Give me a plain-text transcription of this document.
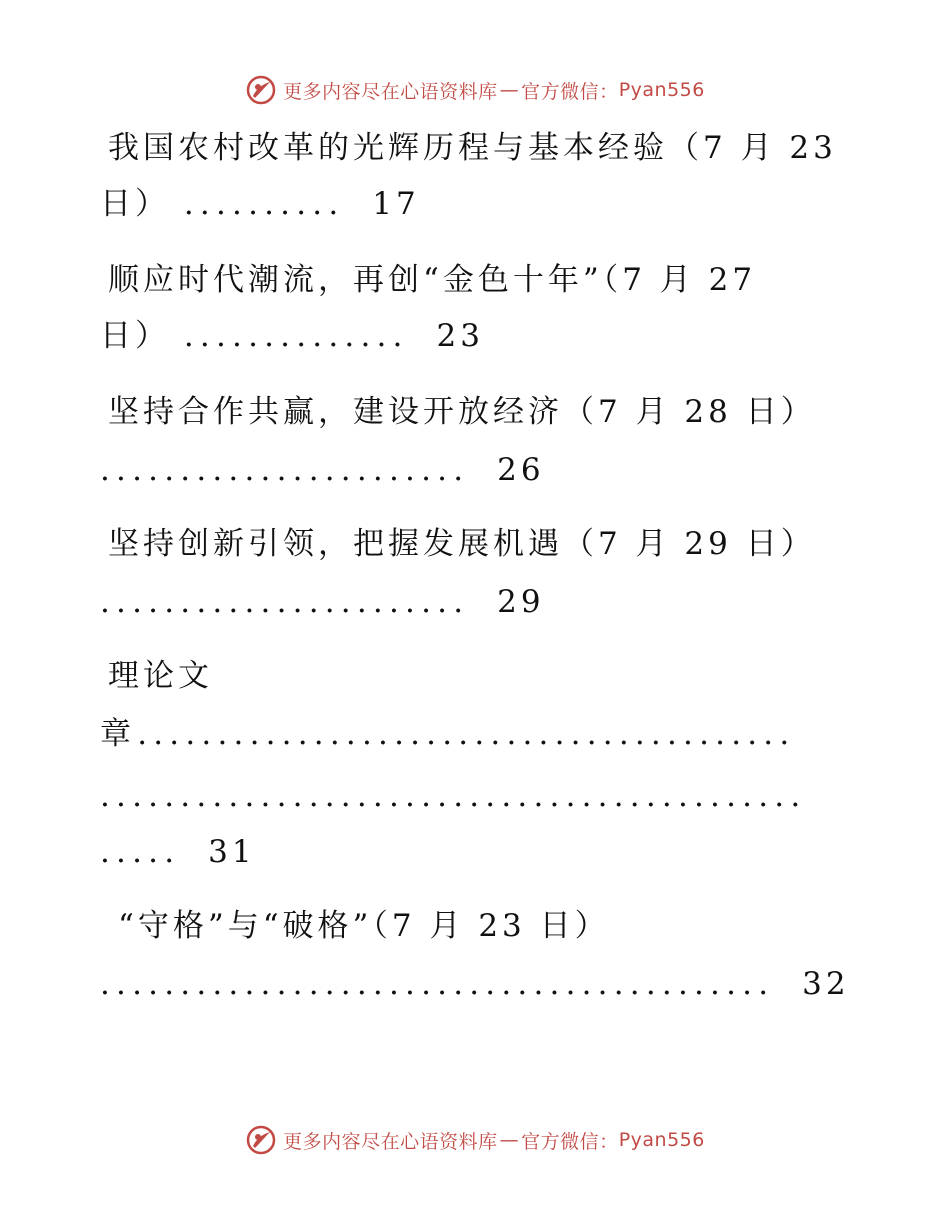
更多内容尽在心语资料库 — 官方微信： Pyan556
我国农村改革的光辉历程与基本经验（7 月 23
日） .......... 17
顺应时代潮流，再创“金色十年”（7 月 27
日） .............. 23
坚持合作共赢，建设开放经济（7 月 28 日）
....................... 26
坚持创新引领，把握发展机遇（7 月 29 日）
....................... 29
理论文
章.........................................
............................................
..... 31
“守格”与“破格”（7 月 23 日）
.......................................... 32
更多内容尽在心语资料库 — 官方微信： Pyan556
